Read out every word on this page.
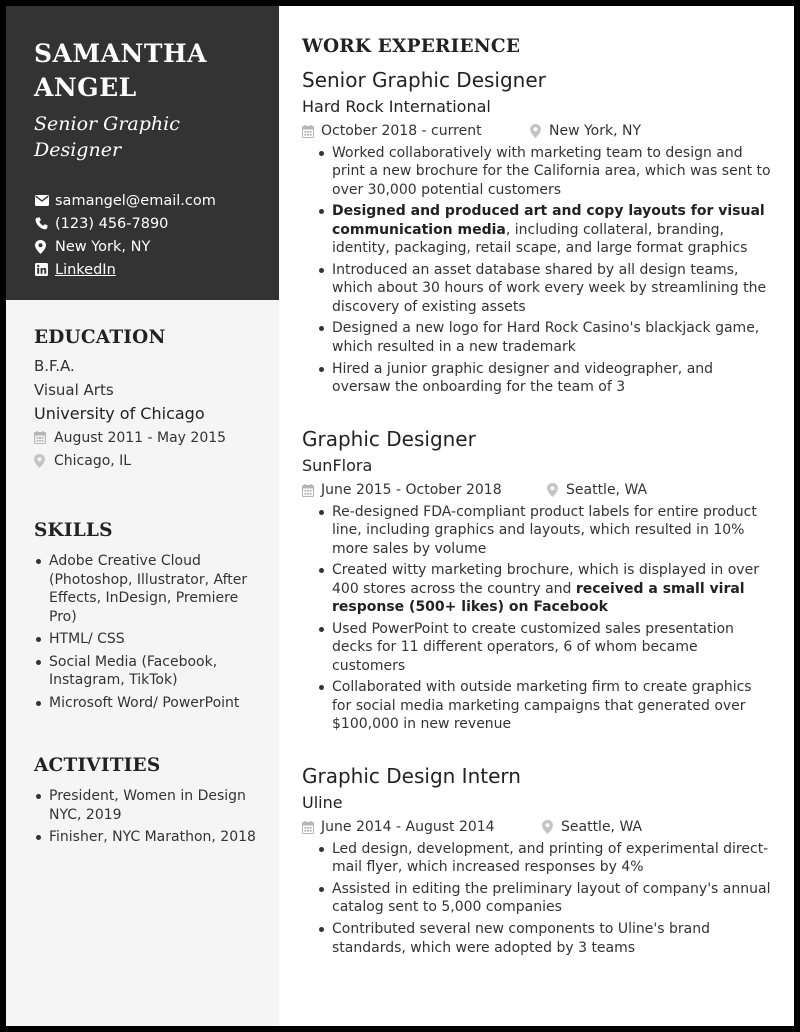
SAMANTHA
ANGEL
Senior Graphic
Designer
samangel@email.com
(123) 456-7890
New York, NY
LinkedIn
EDUCATION
B.F.A.
Visual Arts
University of Chicago
August 2011 - May 2015
Chicago, IL
SKILLS
Adobe Creative Cloud (Photoshop, Illustrator, After Effects, InDesign, Premiere Pro)
HTML/ CSS
Social Media (Facebook, Instagram, TikTok)
Microsoft Word/ PowerPoint
ACTIVITIES
President, Women in Design NYC, 2019
Finisher, NYC Marathon, 2018
WORK EXPERIENCE
Senior Graphic Designer
Hard Rock International
October 2018 - current	New York, NY
Worked collaboratively with marketing team to design and print a new brochure for the California area, which was sent to over 30,000 potential customers
Designed and produced art and copy layouts for visual communication media, including collateral, branding, identity, packaging, retail scape, and large format graphics
Introduced an asset database shared by all design teams, which about 30 hours of work every week by streamlining the discovery of existing assets
Designed a new logo for Hard Rock Casino's blackjack game, which resulted in a new trademark
Hired a junior graphic designer and videographer, and oversaw the onboarding for the team of 3
Graphic Designer
SunFlora
June 2015 - October 2018	Seattle, WA
Re-designed FDA-compliant product labels for entire product line, including graphics and layouts, which resulted in 10% more sales by volume
Created witty marketing brochure, which is displayed in over 400 stores across the country and received a small viral response (500+ likes) on Facebook
Used PowerPoint to create customized sales presentation decks for 11 different operators, 6 of whom became customers
Collaborated with outside marketing firm to create graphics for social media marketing campaigns that generated over $100,000 in new revenue
Graphic Design Intern
Uline
June 2014 - August 2014	Seattle, WA
Led design, development, and printing of experimental direct-mail flyer, which increased responses by 4%
Assisted in editing the preliminary layout of company's annual catalog sent to 5,000 companies
Contributed several new components to Uline's brand standards, which were adopted by 3 teams
